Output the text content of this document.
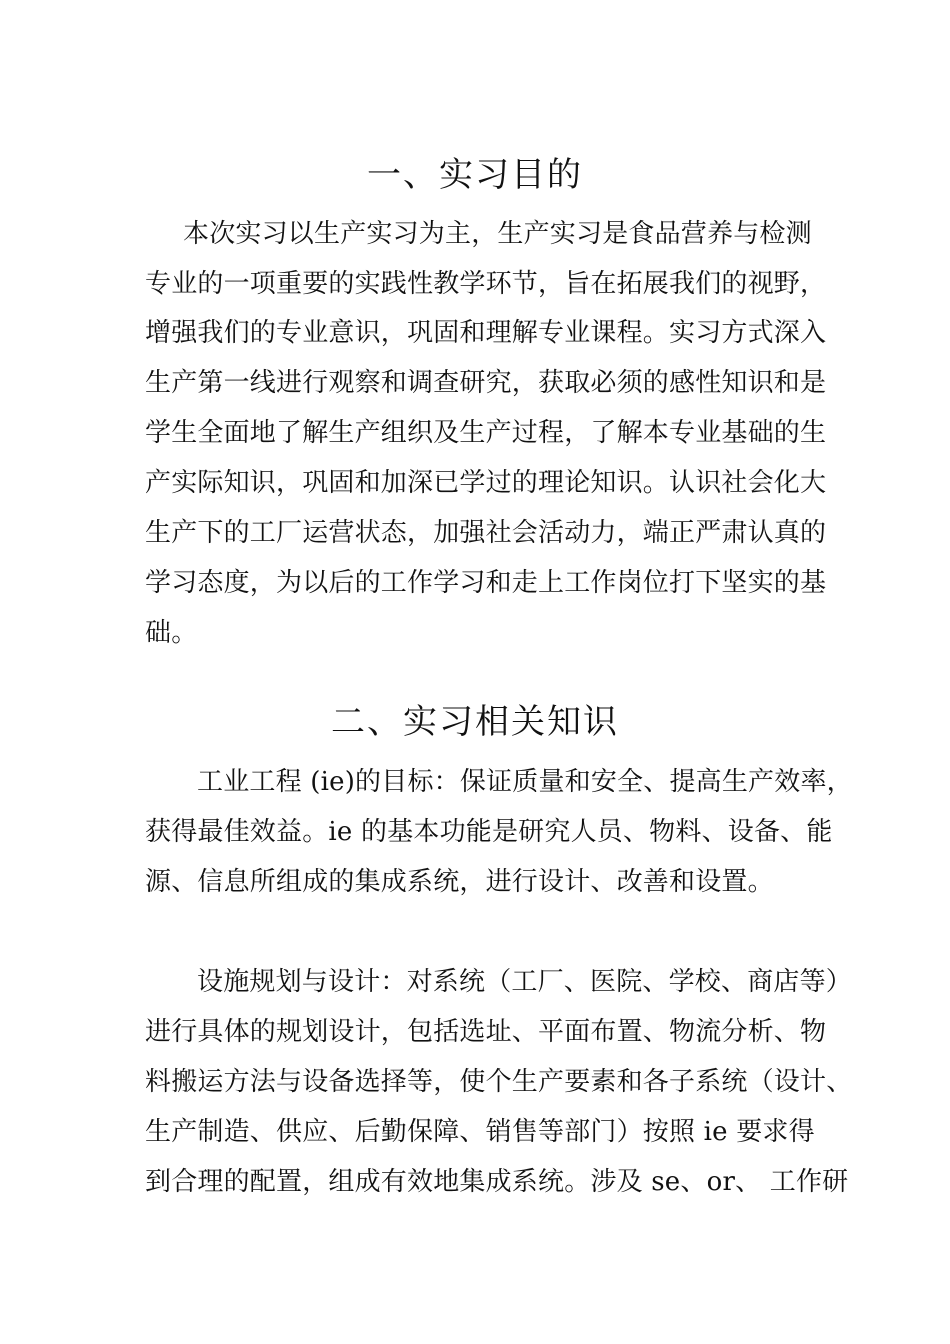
一、实习目的
本次实习以生产实习为主，生产实习是食品营养与检测
专业的一项重要的实践性教学环节，旨在拓展我们的视野，
增强我们的专业意识，巩固和理解专业课程。实习方式深入
生产第一线进行观察和调查研究，获取必须的感性知识和是
学生全面地了解生产组织及生产过程，了解本专业基础的生
产实际知识，巩固和加深已学过的理论知识。认识社会化大
生产下的工厂运营状态，加强社会活动力，端正严肃认真的
学习态度，为以后的工作学习和走上工作岗位打下坚实的基
础。
二、实习相关知识
工业工程 (ie)的目标：保证质量和安全、提高生产效率，
获得最佳效益。ie 的基本功能是研究人员、物料、设备、能
源、信息所组成的集成系统，进行设计、改善和设置。
设施规划与设计：对系统（工厂、医院、学校、商店等）
进行具体的规划设计，包括选址、平面布置、物流分析、物
料搬运方法与设备选择等，使个生产要素和各子系统（设计、
生产制造、供应、后勤保障、销售等部门）按照 ie 要求得
到合理的配置，组成有效地集成系统。涉及 se、or、 工作研
